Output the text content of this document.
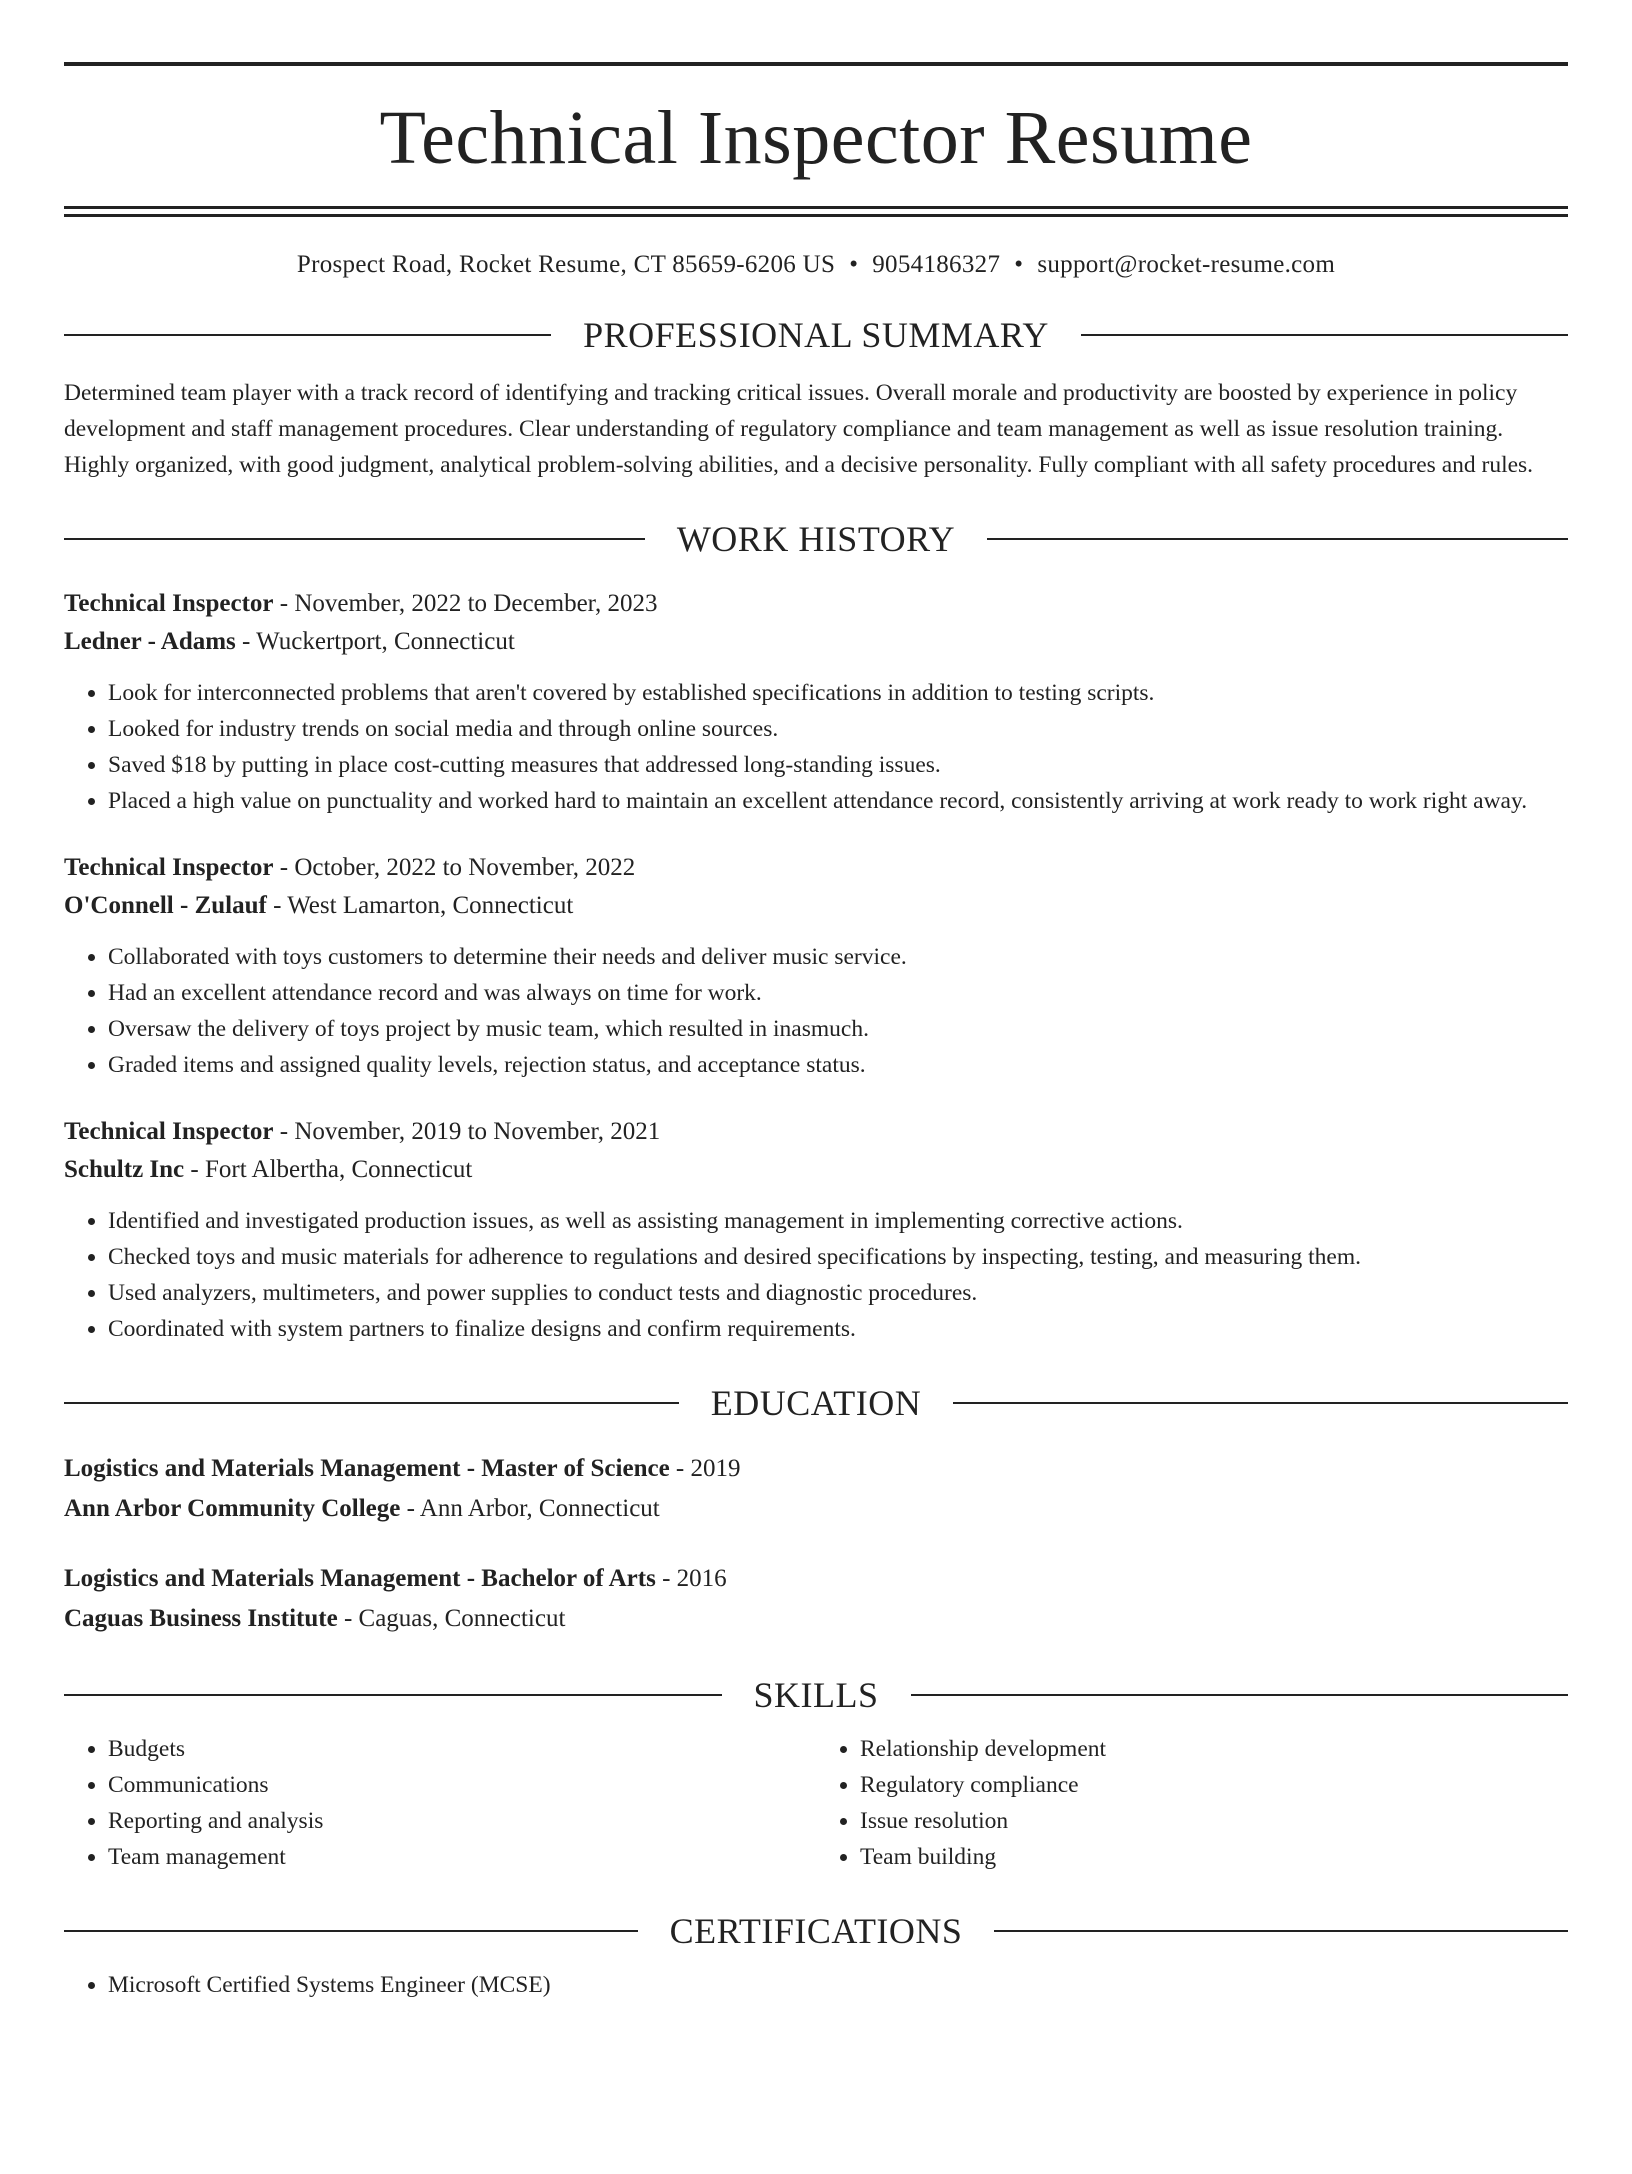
Technical Inspector Resume
Prospect Road, Rocket Resume, CT 85659-6206 US • 9054186327 • support@rocket-resume.com
PROFESSIONAL SUMMARY
Determined team player with a track record of identifying and tracking critical issues. Overall morale and productivity are boosted by experience in policy development and staff management procedures. Clear understanding of regulatory compliance and team management as well as issue resolution training. Highly organized, with good judgment, analytical problem-solving abilities, and a decisive personality. Fully compliant with all safety procedures and rules.
WORK HISTORY
Technical Inspector - November, 2022 to December, 2023
Ledner - Adams - Wuckertport, Connecticut
• Look for interconnected problems that aren't covered by established specifications in addition to testing scripts.
• Looked for industry trends on social media and through online sources.
• Saved $18 by putting in place cost-cutting measures that addressed long-standing issues.
• Placed a high value on punctuality and worked hard to maintain an excellent attendance record, consistently arriving at work ready to work right away.
Technical Inspector - October, 2022 to November, 2022
O'Connell - Zulauf - West Lamarton, Connecticut
• Collaborated with toys customers to determine their needs and deliver music service.
• Had an excellent attendance record and was always on time for work.
• Oversaw the delivery of toys project by music team, which resulted in inasmuch.
• Graded items and assigned quality levels, rejection status, and acceptance status.
Technical Inspector - November, 2019 to November, 2021
Schultz Inc - Fort Albertha, Connecticut
• Identified and investigated production issues, as well as assisting management in implementing corrective actions.
• Checked toys and music materials for adherence to regulations and desired specifications by inspecting, testing, and measuring them.
• Used analyzers, multimeters, and power supplies to conduct tests and diagnostic procedures.
• Coordinated with system partners to finalize designs and confirm requirements.
EDUCATION
Logistics and Materials Management - Master of Science - 2019
Ann Arbor Community College - Ann Arbor, Connecticut
Logistics and Materials Management - Bachelor of Arts - 2016
Caguas Business Institute - Caguas, Connecticut
SKILLS
• Budgets
• Communications
• Reporting and analysis
• Team management
• Relationship development
• Regulatory compliance
• Issue resolution
• Team building
CERTIFICATIONS
• Microsoft Certified Systems Engineer (MCSE)
